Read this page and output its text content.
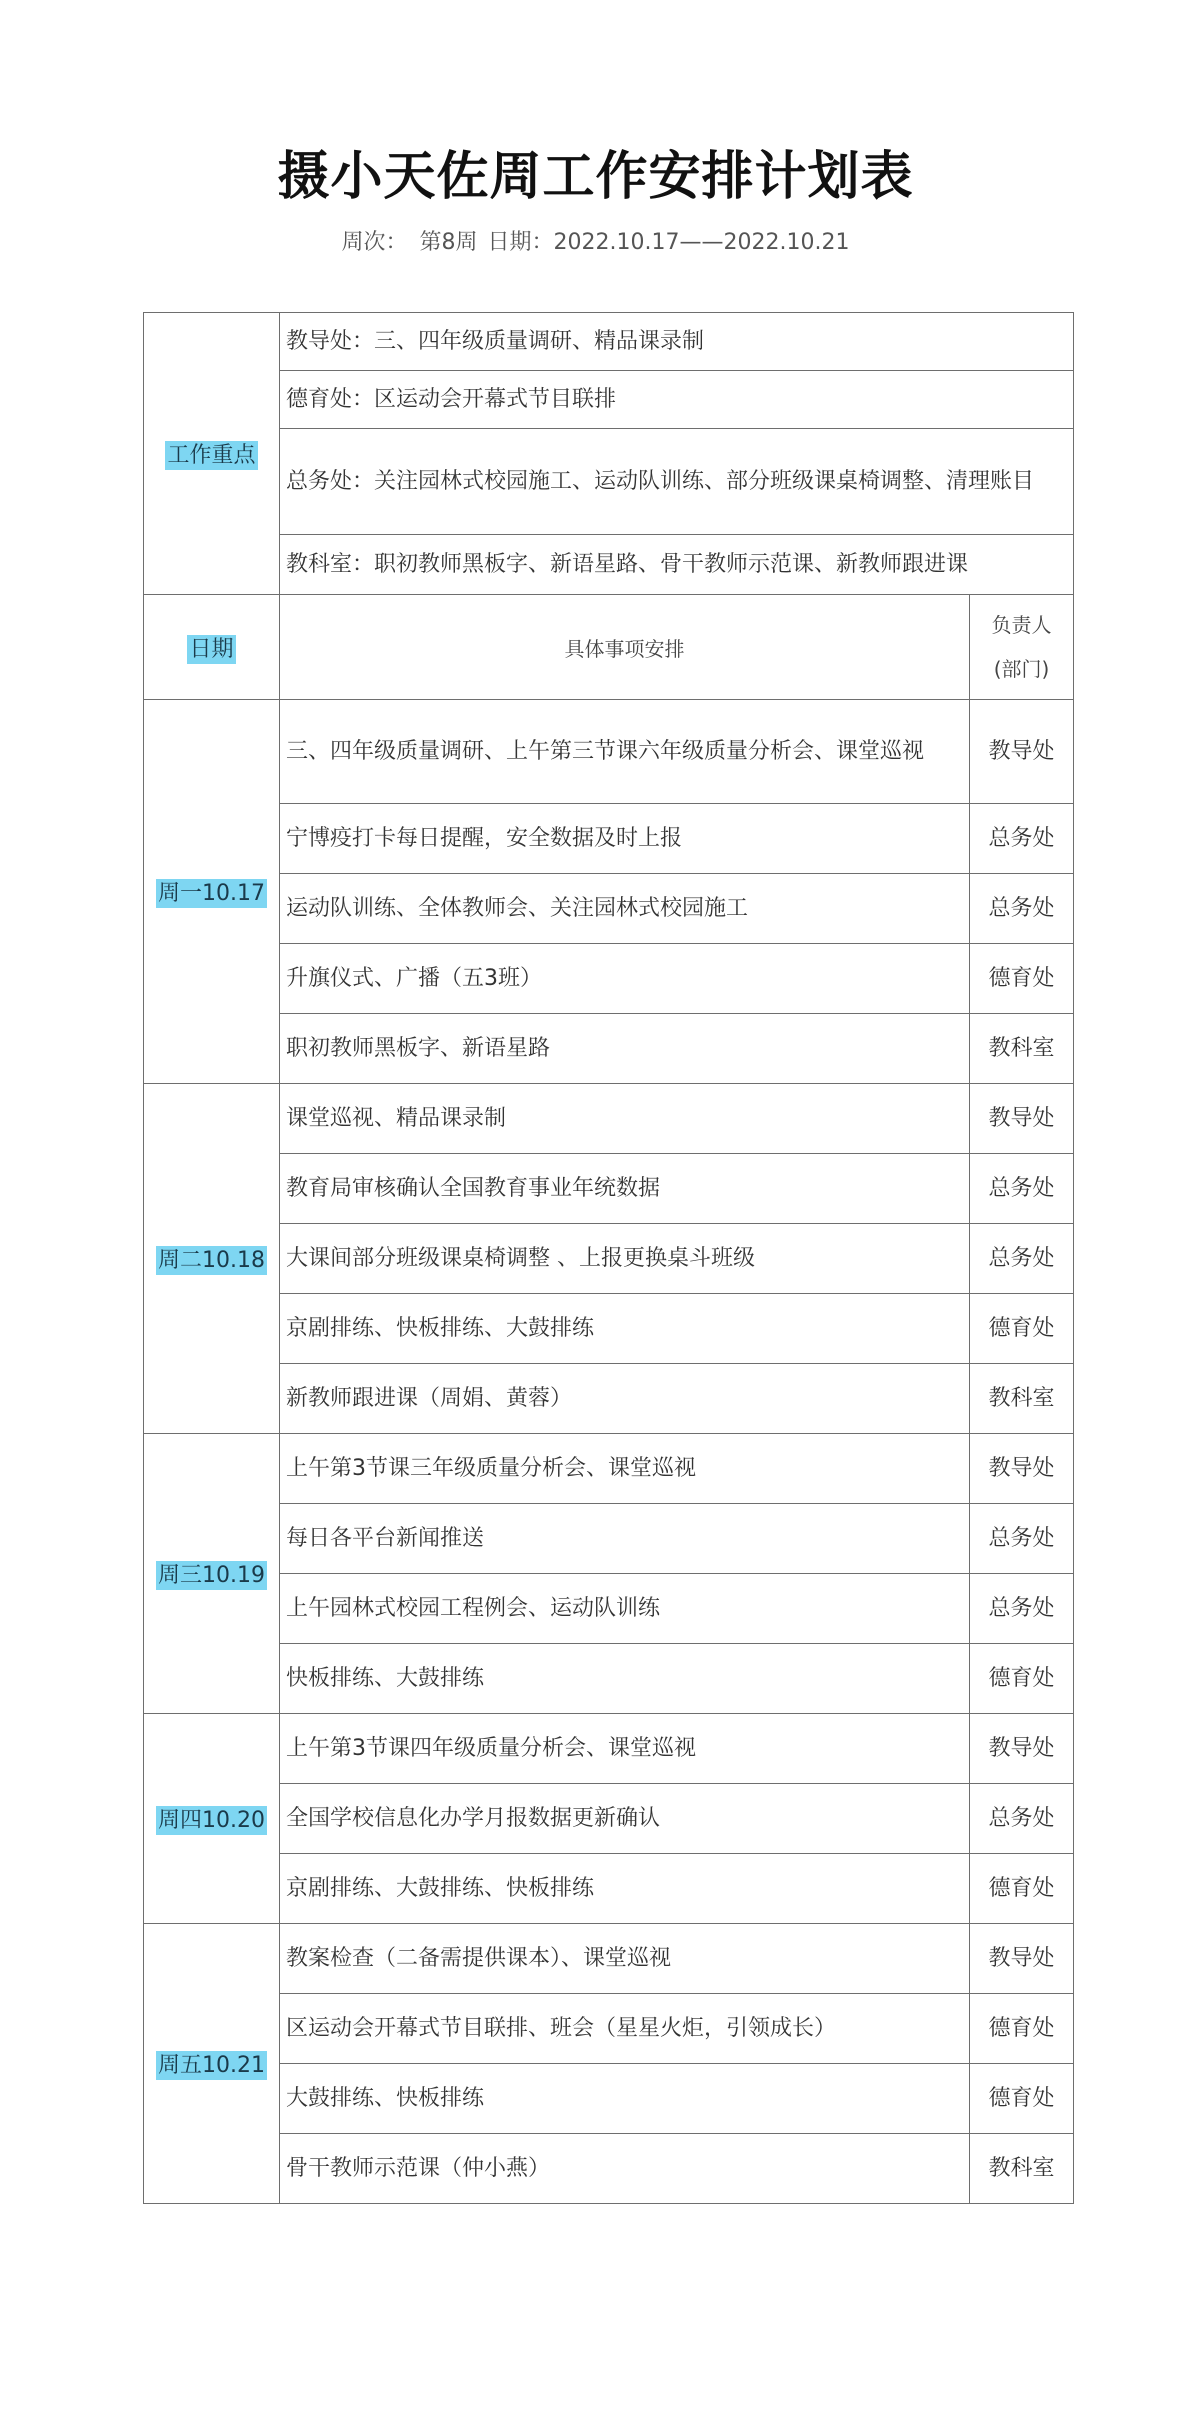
摄小天佐周工作安排计划表
周次： 第8周 日期：2022.10.17——2022.10.21
工作重点	教导处：三、四年级质量调研、精品课录制	
	德育处：区运动会开幕式节目联排	
	总务处：关注园林式校园施工、运动队训练、部分班级课桌椅调整、清理账目	
	教科室：职初教师黑板字、新语星路、骨干教师示范课、新教师跟进课	
日期	具体事项安排	负责人
(部门)

周一10.17	三、四年级质量调研、上午第三节课六年级质量分析会、课堂巡视	教导处
	宁博疫打卡每日提醒，安全数据及时上报	总务处
	运动队训练、全体教师会、关注园林式校园施工	总务处
	升旗仪式、广播（五3班）	德育处
	职初教师黑板字、新语星路	教科室
周二10.18	课堂巡视、精品课录制	教导处
	教育局审核确认全国教育事业年统数据	总务处
	大课间部分班级课桌椅调整 、上报更换桌斗班级	总务处
	京剧排练、快板排练、大鼓排练	德育处
	新教师跟进课（周娟、黄蓉）	教科室
周三10.19	上午第3节课三年级质量分析会、课堂巡视	教导处
	每日各平台新闻推送	总务处
	上午园林式校园工程例会、运动队训练	总务处
	快板排练、大鼓排练	德育处
周四10.20	上午第3节课四年级质量分析会、课堂巡视	教导处
	全国学校信息化办学月报数据更新确认	总务处
	京剧排练、大鼓排练、快板排练	德育处
周五10.21	教案检查（二备需提供课本）、课堂巡视	教导处
	区运动会开幕式节目联排、班会（星星火炬，引领成长）	德育处
	大鼓排练、快板排练	德育处
	骨干教师示范课（仲小燕）	教科室
